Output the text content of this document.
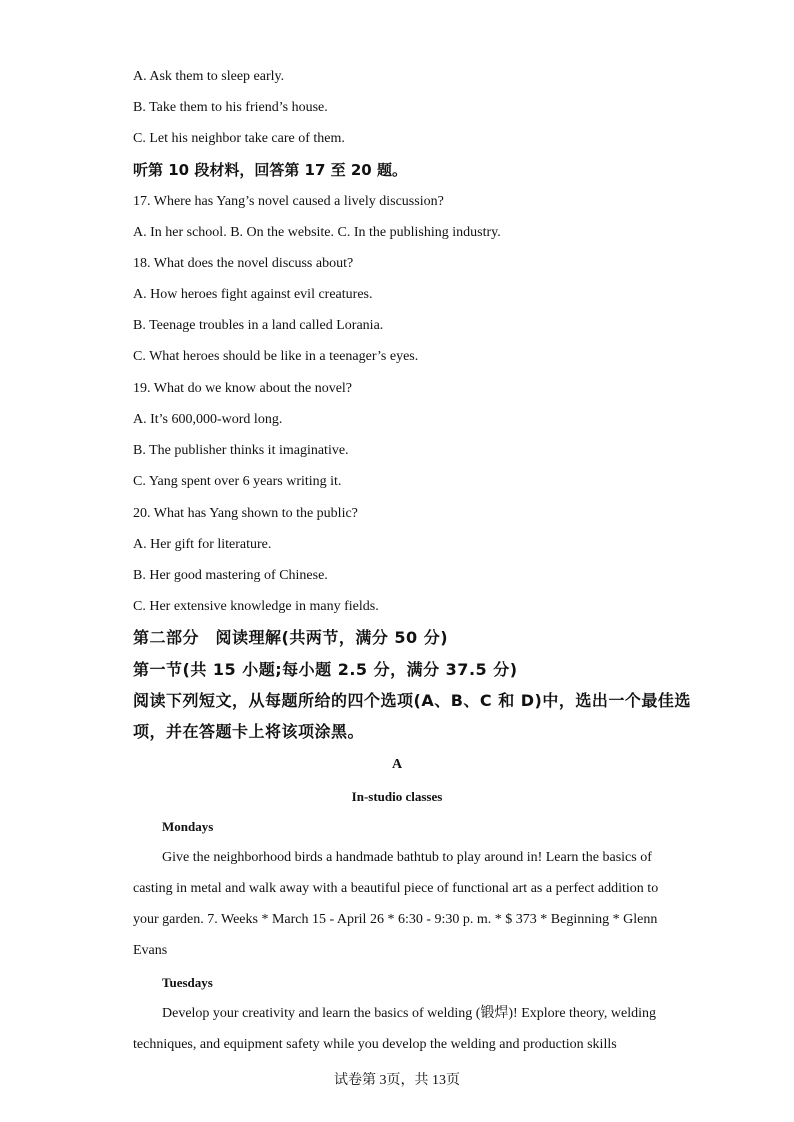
A. Ask them to sleep early.
B. Take them to his friend’s house.
C. Let his neighbor take care of them.
听第 10 段材料，回答第 17 至 20 题。
17. Where has Yang’s novel caused a lively discussion?
A. In her school. B. On the website. C. In the publishing industry.
18. What does the novel discuss about?
A. How heroes fight against evil creatures.
B. Teenage troubles in a land called Lorania.
C. What heroes should be like in a teenager’s eyes.
19. What do we know about the novel?
A. It’s 600,000-word long.
B. The publisher thinks it imaginative.
C. Yang spent over 6 years writing it.
20. What has Yang shown to the public?
A. Her gift for literature.
B. Her good mastering of Chinese.
C. Her extensive knowledge in many fields.
第二部分　阅读理解(共两节，满分 50 分)
第一节(共 15 小题;每小题 2.5 分，满分 37.5 分)
阅读下列短文，从每题所给的四个选项(A、B、C 和 D)中，选出一个最佳选
项，并在答题卡上将该项涂黑。
A
In-studio classes
Mondays
Give the neighborhood birds a handmade bathtub to play around in! Learn the basics of
casting in metal and walk away with a beautiful piece of functional art as a perfect addition to
your garden. 7. Weeks * March 15 - April 26 * 6:30 - 9:30 p. m. * $ 373 * Beginning * Glenn
Evans
Tuesdays
Develop your creativity and learn the basics of welding (锻焊)! Explore theory, welding
techniques, and equipment safety while you develop the welding and production skills
试卷第 3页，共 13页
